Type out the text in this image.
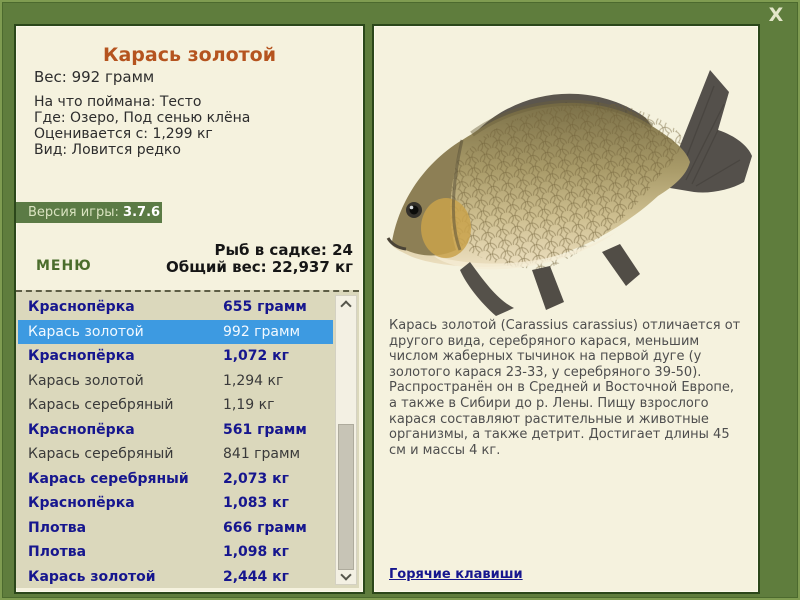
X
Карась золотой
Вес: 992 грамм
На что поймана: Тесто
Где: Озеро, Под сенью клёна
Оценивается с: 1,299 кг
Вид: Ловится редко
Версия игры: 3.7.6
МЕНЮ
Рыб в садке: 24
Общий вес: 22,937 кг
Краснопёрка	655 грамм
Карась золотой	992 грамм
Краснопёрка	1,072 кг
Карась золотой	1,294 кг
Карась серебряный	1,19 кг
Краснопёрка	561 грамм
Карась серебряный	841 грамм
Карась серебряный 2,073 кг
Краснопёрка	1,083 кг
Плотва	666 грамм
Плотва	1,098 кг
Карась золотой	2,444 кг
Карась золотой (Carassius carassius) отличается от другого вида, серебряного карася, меньшим числом жаберных тычинок на первой дуге (у золотого карася 23-33, у серебряного 39-50). Распространён он в Средней и Восточной Европе, а также в Сибири до р. Лены. Пищу взрослого карася составляют растительные и животные организмы, а также детрит. Достигает длины 45 см и массы 4 кг.
Горячие клавиши
